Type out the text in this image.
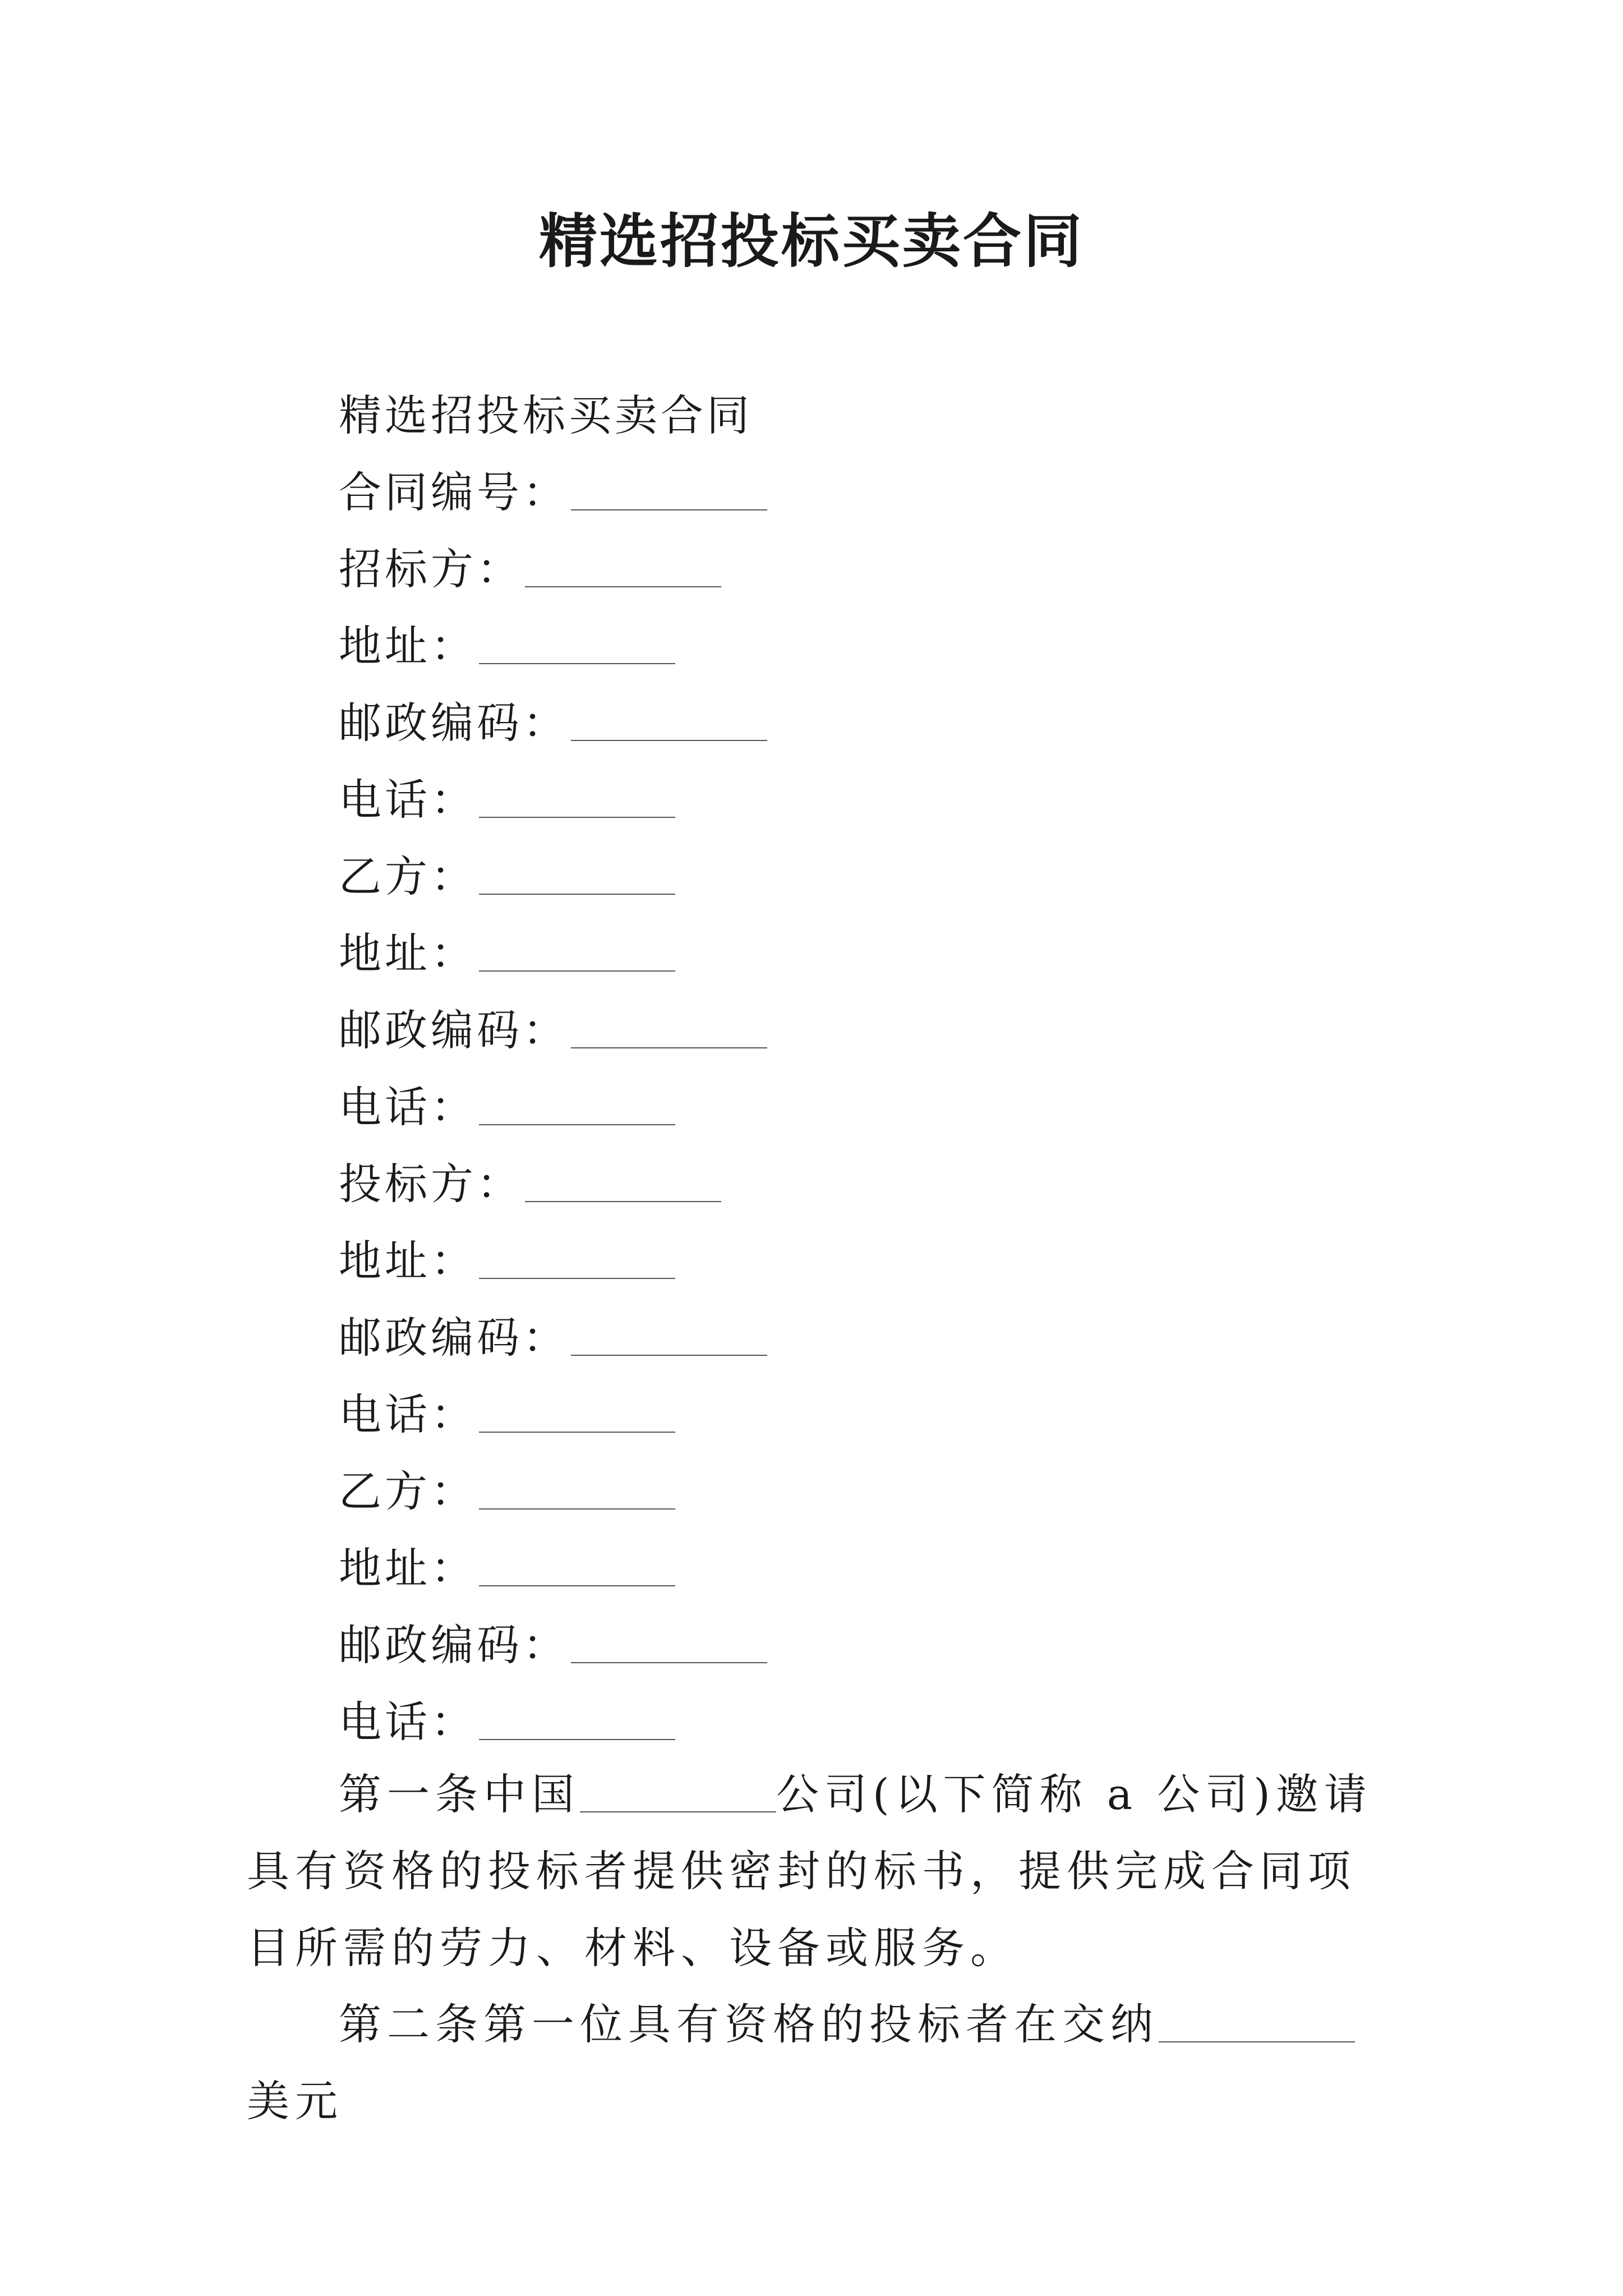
精选招投标买卖合同
精选招投标买卖合同
合同编号：
招标方：
地址：
邮政编码：
电话：
乙方：
地址：
邮政编码：
电话：
投标方：
地址：
邮政编码：
电话：
乙方：
地址：
邮政编码：
电话：
第一条中国	公司(以下简称 a 公司)邀请具有资格的投标者提供密封的标书，提供完成合同项目所需的劳力、材料、设备或服务。
第二条第一位具有资格的投标者在交纳美元
